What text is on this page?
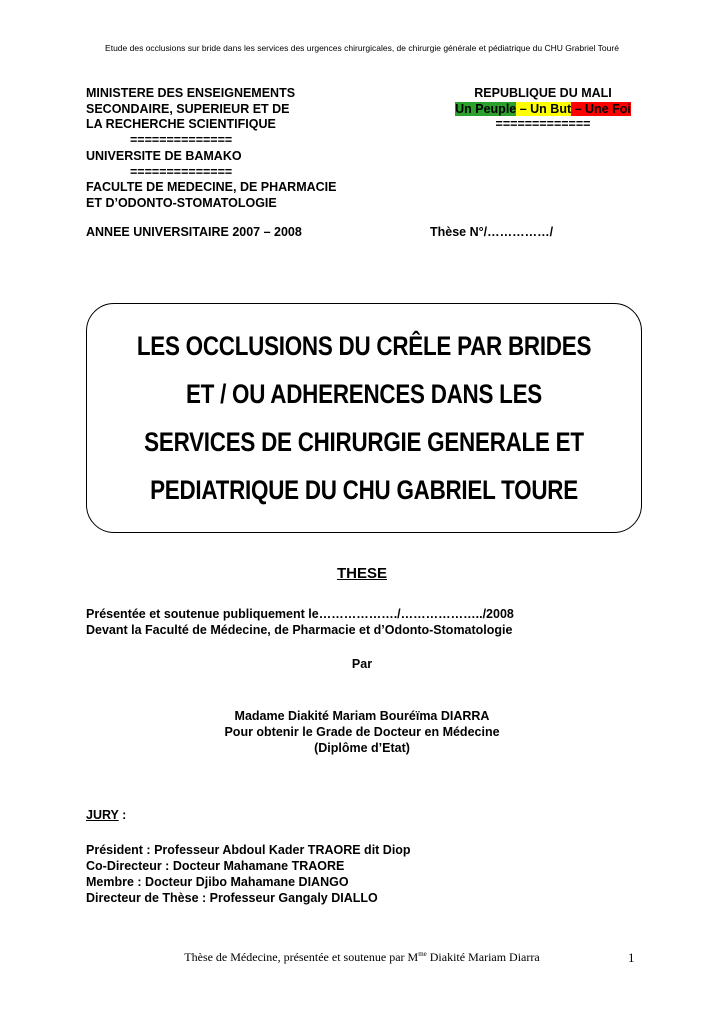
Etude des occlusions sur bride dans les services des urgences chirurgicales, de chirurgie générale et pédiatrique du CHU Grabriel Touré
MINISTERE DES ENSEIGNEMENTS
SECONDAIRE, SUPERIEUR ET DE
LA RECHERCHE SCIENTIFIQUE
==============
UNIVERSITE DE BAMAKO
==============
FACULTE DE MEDECINE, DE PHARMACIE
ET D’ODONTO-STOMATOLOGIE
REPUBLIQUE DU MALI
Un Peuple – Un But – Une Foi
=============
ANNEE UNIVERSITAIRE 2007 – 2008	Thèse N°/……………/
LES OCCLUSIONS DU CRÊLE PAR BRIDES
ET / OU ADHERENCES DANS LES
SERVICES DE CHIRURGIE GENERALE ET
PEDIATRIQUE DU CHU GABRIEL TOURE
THESE
Présentée et soutenue publiquement le………………./………………../2008
Devant la Faculté de Médecine, de Pharmacie et d’Odonto-Stomatologie
Par
Madame Diakité Mariam Bouréïma DIARRA
Pour obtenir le Grade de Docteur en Médecine
(Diplôme d’Etat)
JURY :
Président : Professeur Abdoul Kader TRAORE dit Diop
Co-Directeur : Docteur Mahamane TRAORE
Membre : Docteur Djibo Mahamane DIANGO
Directeur de Thèse : Professeur Gangaly DIALLO
Thèse de Médecine, présentée et soutenue par $M^{me}$ Diakité Mariam Diarra	1
